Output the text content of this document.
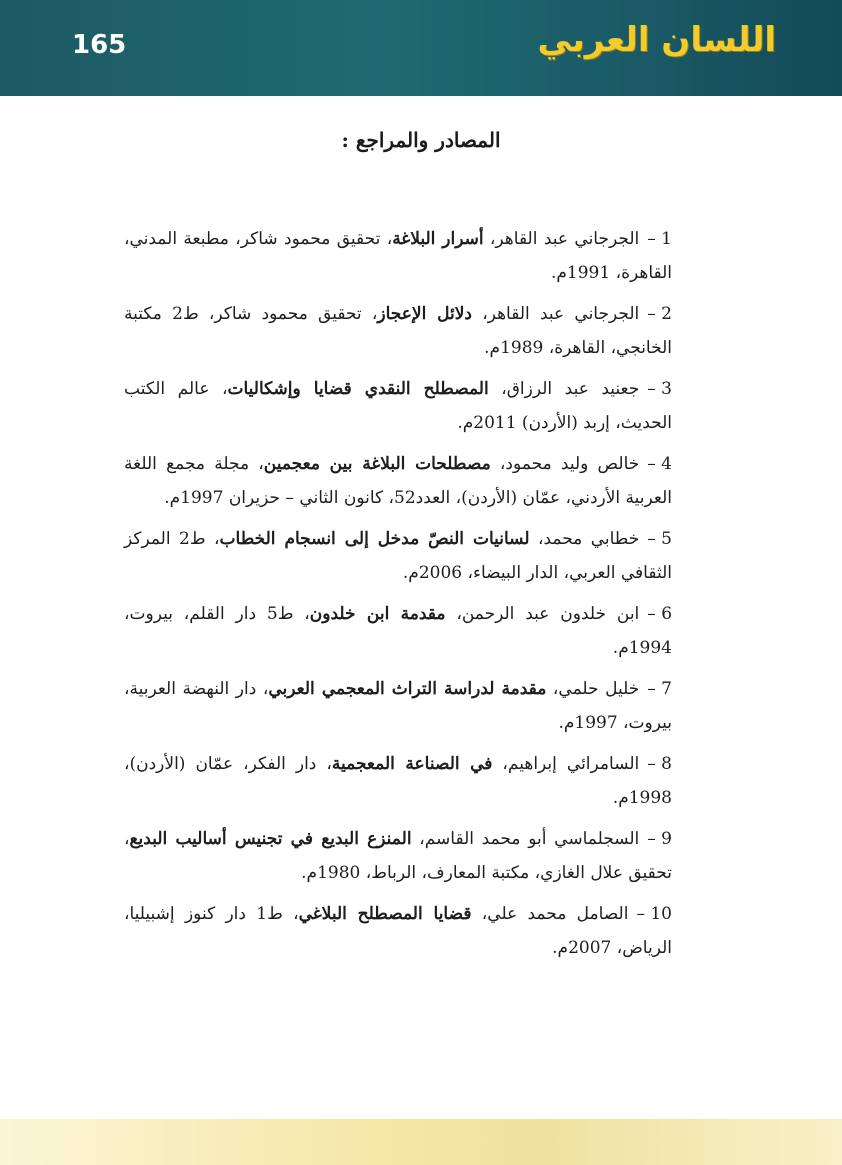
165	اللسان العربي
المصادر والمراجع :
1 –الجرجاني عبد القاهر، أسرار البلاغة، تحقيق محمود شاكر، مطبعة المدني، القاهرة، 1991م.
2 –الجرجاني عبد القاهر، دلائل الإعجاز، تحقيق محمود شاكر، ط2 مكتبة الخانجي، القاهرة، 1989م.
3 –جعنيد عبد الرزاق، المصطلح النقدي قضايا وإشكاليات، عالم الكتب الحديث، إربد (الأردن) 2011م.
4 –خالص وليد محمود، مصطلحات البلاغة بين معجمين، مجلة مجمع اللغة العربية الأردني، عمّان (الأردن)، العدد52، كانون الثاني – حزيران 1997م.
5 –خطابي محمد، لسانيات النصّ مدخل إلى انسجام الخطاب، ط2 المركز الثقافي العربي، الدار البيضاء، 2006م.
6 –ابن خلدون عبد الرحمن، مقدمة ابن خلدون، ط5 دار القلم، بيروت، 1994م.
7 –خليل حلمي، مقدمة لدراسة التراث المعجمي العربي، دار النهضة العربية، بيروت، 1997م.
8 –السامرائي إبراهيم، في الصناعة المعجمية، دار الفكر، عمّان (الأردن)، 1998م.
9 –السجلماسي أبو محمد القاسم، المنزع البديع في تجنيس أساليب البديع، تحقيق علال الغازي، مكتبة المعارف، الرباط، 1980م.
10 –الصامل محمد علي، قضايا المصطلح البلاغي، ط1 دار كنوز إشبيليا، الرياض، 2007م.
